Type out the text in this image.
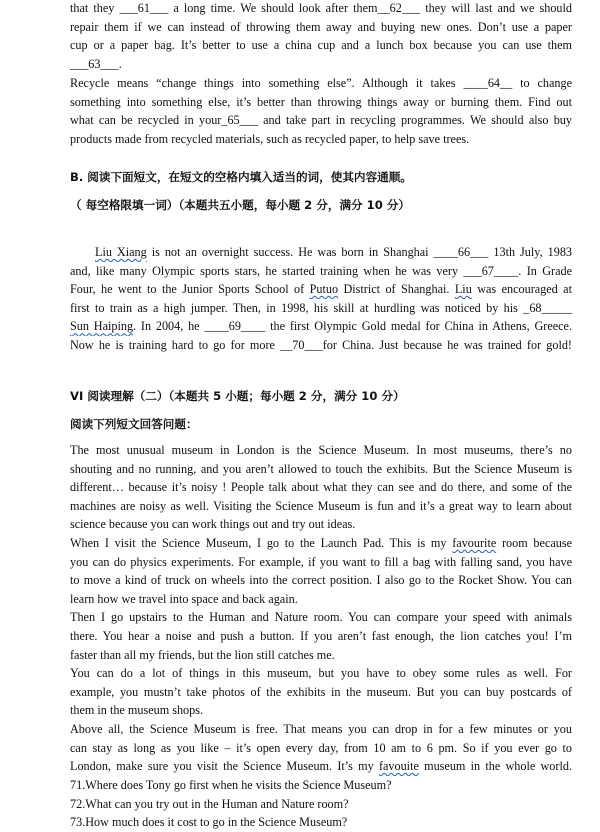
that they ___61___ a long time. We should look after them__62___ they will last and we should
repair them if we can instead of throwing them away and buying new ones. Don’t use a paper
cup or a paper bag. It’s better to use a china cup and a lunch box because you can use them
___63___.
Recycle means “change things into something else”. Although it takes ____64__ to change
something into something else, it’s better than throwing things away or burning them. Find out
what can be recycled in your_65___ and take part in recycling programmes. We should also buy
products made from recycled materials, such as recycled paper, to help save trees.
B. 阅读下面短文，在短文的空格内填入适当的词，使其内容通顺。
（ 每空格限填一词）（本题共五小题，每小题 2 分，满分 10 分）
Liu Xiang is not an overnight success. He was born in Shanghai ____66___ 13th July, 1983
and, like many Olympic sports stars, he started training when he was very ___67____. In Grade
Four, he went to the Junior Sports School of Putuo District of Shanghai. Liu was encouraged at
first to train as a high jumper. Then, in 1998, his skill at hurdling was noticed by his _68_____
Sun Haiping. In 2004, he ____69____ the first Olympic Gold medal for China in Athens, Greece.
Now he is training hard to go for more __70___for China. Just because he was trained for gold!
VI 阅读理解（二）（本题共 5 小题；每小题 2 分，满分 10 分）
阅读下列短文回答问题：
The most unusual museum in London is the Science Museum. In most museums, there’s no
shouting and no running, and you aren’t allowed to touch the exhibits. But the Science Museum is
different… because it’s noisy ! People talk about what they can see and do there, and some of the
machines are noisy as well. Visiting the Science Museum is fun and it’s a great way to learn about
science because you can work things out and try out ideas.
When I visit the Science Museum, I go to the Launch Pad. This is my favourite room because
you can do physics experiments. For example, if you want to fill a bag with falling sand, you have
to move a kind of truck on wheels into the correct position. I also go to the Rocket Show. You can
learn how we travel into space and back again.
Then I go upstairs to the Human and Nature room. You can compare your speed with animals
there. You hear a noise and push a button. If you aren’t fast enough, the lion catches you! I’m
faster than all my friends, but the lion still catches me.
You can do a lot of things in this museum, but you have to obey some rules as well. For
example, you mustn’t take photos of the exhibits in the museum. But you can buy postcards of
them in the museum shops.
Above all, the Science Museum is free. That means you can drop in for a few minutes or you
can stay as long as you like – it’s open every day, from 10 am to 6 pm. So if you ever go to
London, make sure you visit the Science Museum. It’s my favouite museum in the whole world.
71.Where does Tony go first when he visits the Science Museum?
72.What can you try out in the Human and Nature room?
73.How much does it cost to go in the Science Museum?
